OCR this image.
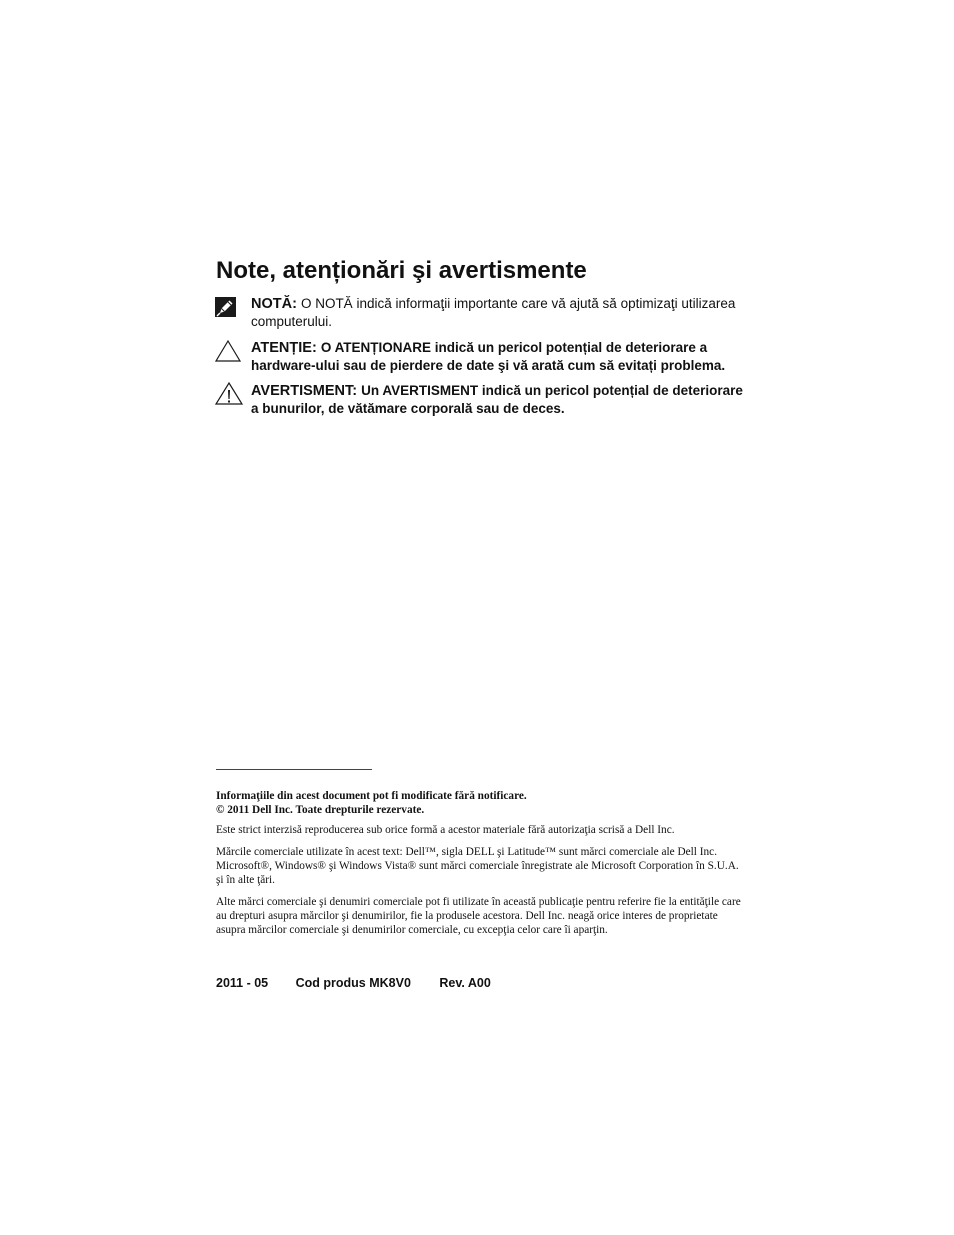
Note, atenționări şi avertismente
NOTĂ: O NOTĂ indică informaţii importante care vă ajută să optimizaţi utilizarea computerului.
ATENȚIE: O ATENȚIONARE indică un pericol potențial de deteriorare a hardware-ului sau de pierdere de date şi vă arată cum să evitați problema.
AVERTISMENT: Un AVERTISMENT indică un pericol potențial de deteriorare a bunurilor, de vătămare corporală sau de deces.

Informaţiile din acest document pot fi modificate fără notificare.

© 2011 Dell Inc. Toate drepturile rezervate.

Este strict interzisă reproducerea sub orice formă a acestor materiale fără autorizaţia scrisă a Dell Inc.

Mărcile comerciale utilizate în acest text: Dell™, sigla DELL şi Latitude™ sunt mărci comerciale ale Dell Inc. Microsoft®, Windows® şi Windows Vista® sunt mărci comerciale înregistrate ale Microsoft Corporation în S.U.A. şi în alte ţări.

Alte mărci comerciale şi denumiri comerciale pot fi utilizate în această publicaţie pentru referire fie la entităţile care au drepturi asupra mărcilor şi denumirilor, fie la produsele acestora. Dell Inc. neagă orice interes de proprietate asupra mărcilor comerciale şi denumirilor comerciale, cu excepţia celor care îi aparţin.

2011 - 05 Cod produs MK8V0 Rev. A00
